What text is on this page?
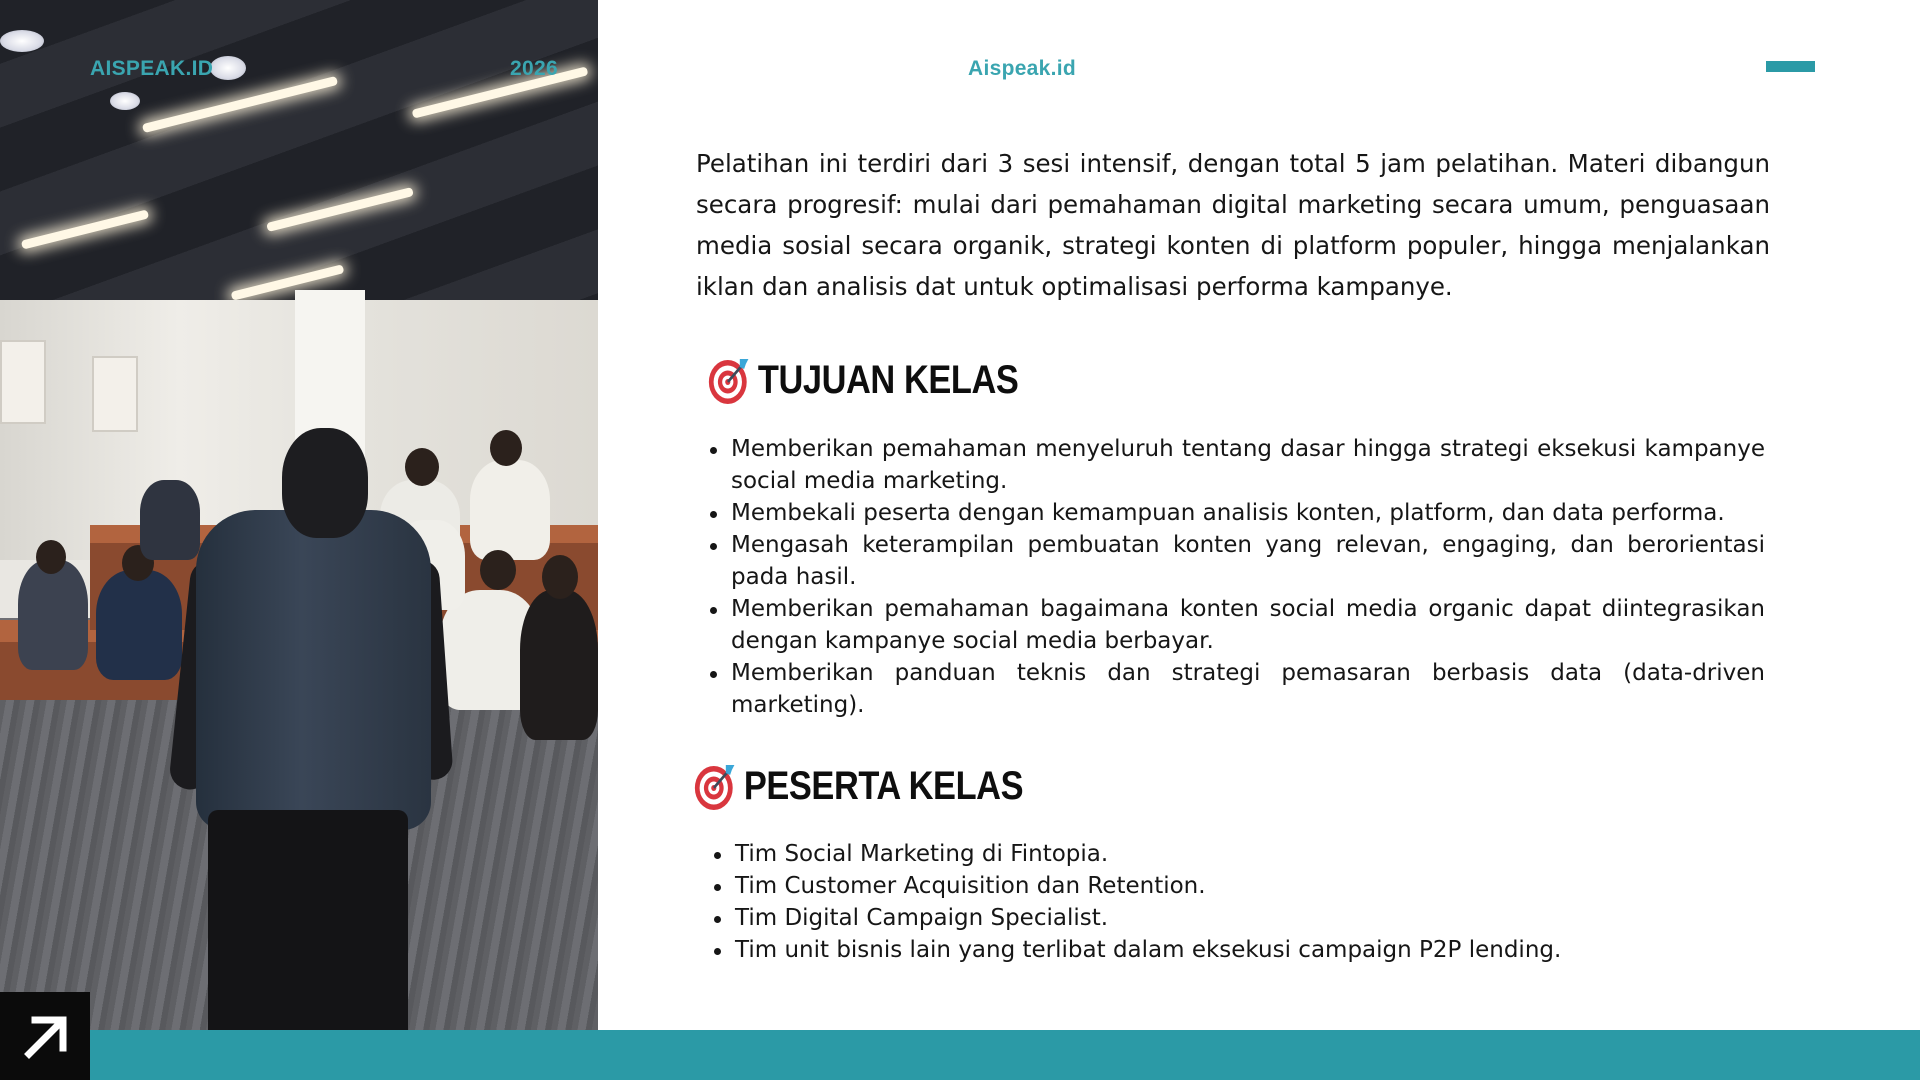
AISPEAK.ID	2026	Aispeak.id

Pelatihan ini terdiri dari 3 sesi intensif, dengan total 5 jam pelatihan. Materi dibangun secara progresif: mulai dari pemahaman digital marketing secara umum, penguasaan media sosial secara organik, strategi konten di platform populer, hingga menjalankan iklan dan analisis dat untuk optimalisasi performa kampanye.

TUJUAN KELAS
Memberikan pemahaman menyeluruh tentang dasar hingga strategi eksekusi kampanye social media marketing.
Membekali peserta dengan kemampuan analisis konten, platform, dan data performa.
Mengasah keterampilan pembuatan konten yang relevan, engaging, dan berorientasi pada hasil.
Memberikan pemahaman bagaimana konten social media organic dapat diintegrasikan dengan kampanye social media berbayar.
Memberikan panduan teknis dan strategi pemasaran berbasis data (data-driven marketing).
PESERTA KELAS
Tim Social Marketing di Fintopia.
Tim Customer Acquisition dan Retention.
Tim Digital Campaign Specialist.
Tim unit bisnis lain yang terlibat dalam eksekusi campaign P2P lending.
